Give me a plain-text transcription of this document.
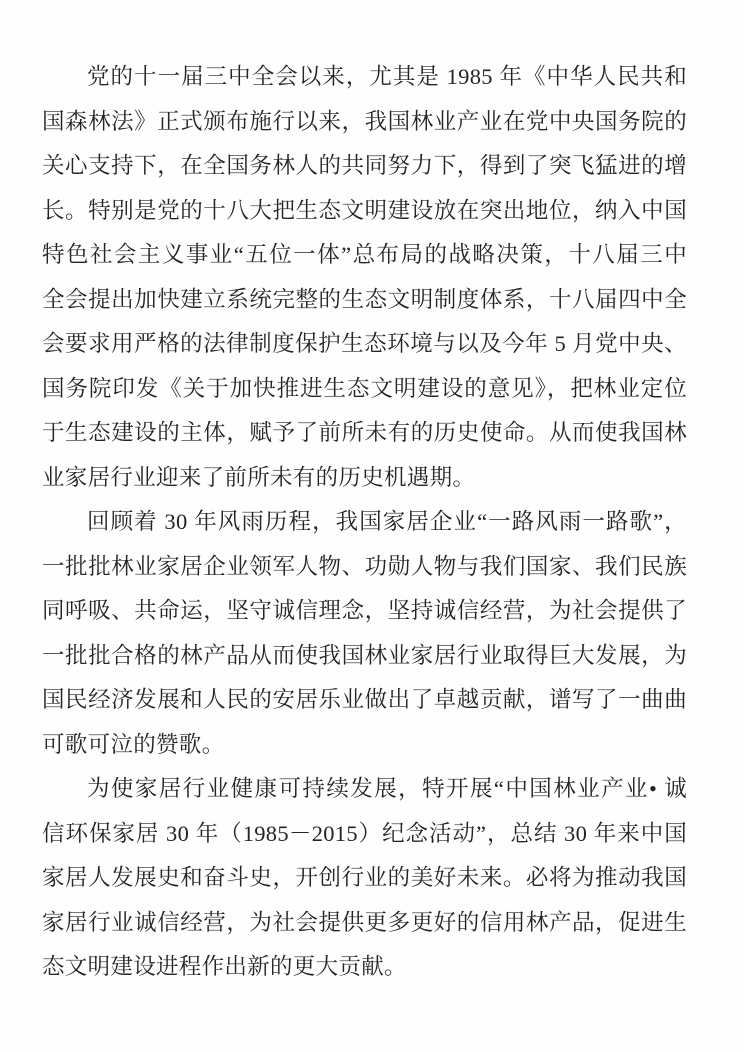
党的十一届三中全会以来，尤其是 1985 年《中华人民共和
国森林法》正式颁布施行以来，我国林业产业在党中央国务院的
关心支持下，在全国务林人的共同努力下，得到了突飞猛进的增
长。特别是党的十八大把生态文明建设放在突出地位，纳入中国
特色社会主义事业“五位一体”总布局的战略决策，十八届三中
全会提出加快建立系统完整的生态文明制度体系，十八届四中全
会要求用严格的法律制度保护生态环境与以及今年 5 月党中央、
国务院印发《关于加快推进生态文明建设的意见》，把林业定位
于生态建设的主体，赋予了前所未有的历史使命。从而使我国林
业家居行业迎来了前所未有的历史机遇期。
回顾着 30 年风雨历程，我国家居企业“一路风雨一路歌”，
一批批林业家居企业领军人物、功勋人物与我们国家、我们民族
同呼吸、共命运，坚守诚信理念，坚持诚信经营，为社会提供了
一批批合格的林产品从而使我国林业家居行业取得巨大发展，为
国民经济发展和人民的安居乐业做出了卓越贡献，谱写了一曲曲
可歌可泣的赞歌。
为使家居行业健康可持续发展，特开展“中国林业产业• 诚
信环保家居 30 年（1985－2015）纪念活动”，总结 30 年来中国
家居人发展史和奋斗史，开创行业的美好未来。必将为推动我国
家居行业诚信经营，为社会提供更多更好的信用林产品，促进生
态文明建设进程作出新的更大贡献。
